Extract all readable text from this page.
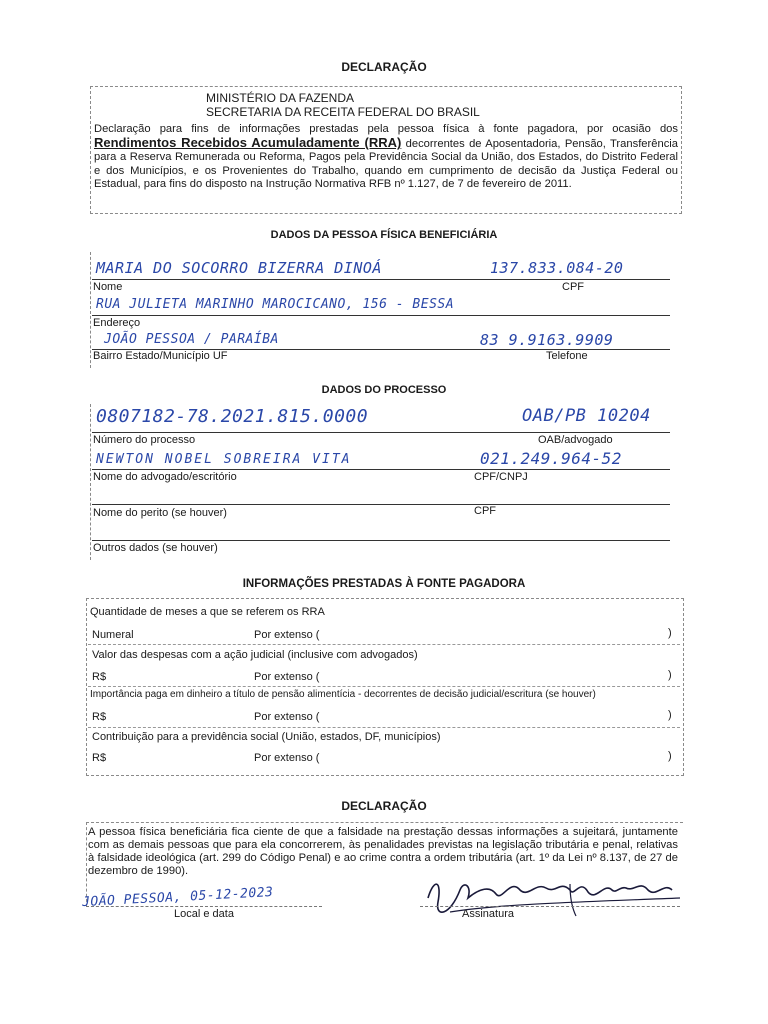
DECLARAÇÃO
MINISTÉRIO DA FAZENDA
SECRETARIA DA RECEITA FEDERAL DO BRASIL
Declaração para fins de informações prestadas pela pessoa física à fonte pagadora, por ocasião dos Rendimentos Recebidos Acumuladamente (RRA) decorrentes de Aposentadoria, Pensão, Transferência para a Reserva Remunerada ou Reforma, Pagos pela Previdência Social da União, dos Estados, do Distrito Federal e dos Municípios, e os Provenientes do Trabalho, quando em cumprimento de decisão da Justiça Federal ou Estadual, para fins do disposto na Instrução Normativa RFB nº 1.127, de 7 de fevereiro de 2011.
DADOS DA PESSOA FÍSICA BENEFICIÁRIA
MARIA DO SOCORRO BIZERRA DINOÁ	137.833.084-20
Nome	CPF
RUA JULIETA MARINHO MAROCICANO, 156 - BESSA
Endereço
JOÃO PESSOA / PARAÍBA	83 9.9163.9909
Bairro Estado/Município UF	Telefone
DADOS DO PROCESSO
0807182-78.2021.815.0000	OAB/PB 10204
Número do processo	OAB/advogado
NEWTON NOBEL SOBREIRA VITA	021.249.964-52
Nome do advogado/escritório	CPF/CNPJ
Nome do perito (se houver)	CPF
Outros dados (se houver)
INFORMAÇÕES PRESTADAS À FONTE PAGADORA
Quantidade de meses a que se referem os RRA
Numeral	Por extenso (	)
Valor das despesas com a ação judicial (inclusive com advogados)
R$	Por extenso (	)
Importância paga em dinheiro a título de pensão alimentícia - decorrentes de decisão judicial/escritura (se houver)
R$	Por extenso (	)
Contribuição para a previdência social (União, estados, DF, municípios)
R$	Por extenso (	)
DECLARAÇÃO
A pessoa física beneficiária fica ciente de que a falsidade na prestação dessas informações a sujeitará, juntamente com as demais pessoas que para ela concorrerem, às penalidades previstas na legislação tributária e penal, relativas à falsidade ideológica (art. 299 do Código Penal) e ao crime contra a ordem tributária (art. 1º da Lei nº 8.137, de 27 de dezembro de 1990).
JOÃO PESSOA, 05-12-2023
Local e data	Assinatura
